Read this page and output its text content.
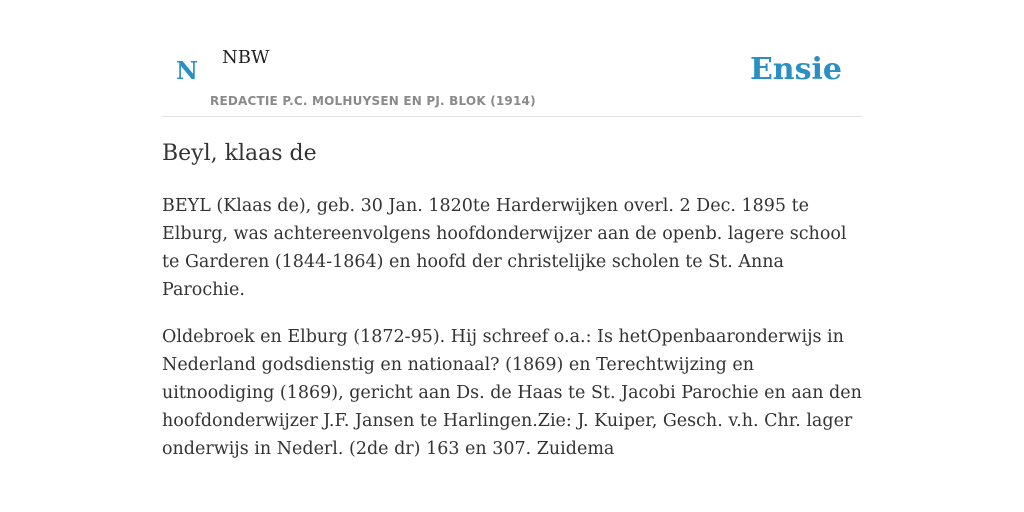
N NBW
REDACTIE P.C. MOLHUYSEN EN PJ. BLOK (1914)
Ensie
Beyl, klaas de

BEYL (Klaas de), geb. 30 Jan. 1820te Harderwijken overl. 2 Dec. 1895 te Elburg, was achtereenvolgens hoofdonderwijzer aan de openb. lagere school te Garderen (1844-1864) en hoofd der christelijke scholen te St. Anna Parochie.

Oldebroek en Elburg (1872-95). Hij schreef o.a.: Is hetOpenbaaronderwijs in Nederland godsdienstig en nationaal? (1869) en Terechtwijzing en uitnoodiging (1869), gericht aan Ds. de Haas te St. Jacobi Parochie en aan den hoofdonderwijzer J.F. Jansen te Harlingen.Zie: J. Kuiper, Gesch. v.h. Chr. lager onderwijs in Nederl. (2de dr) 163 en 307. Zuidema
